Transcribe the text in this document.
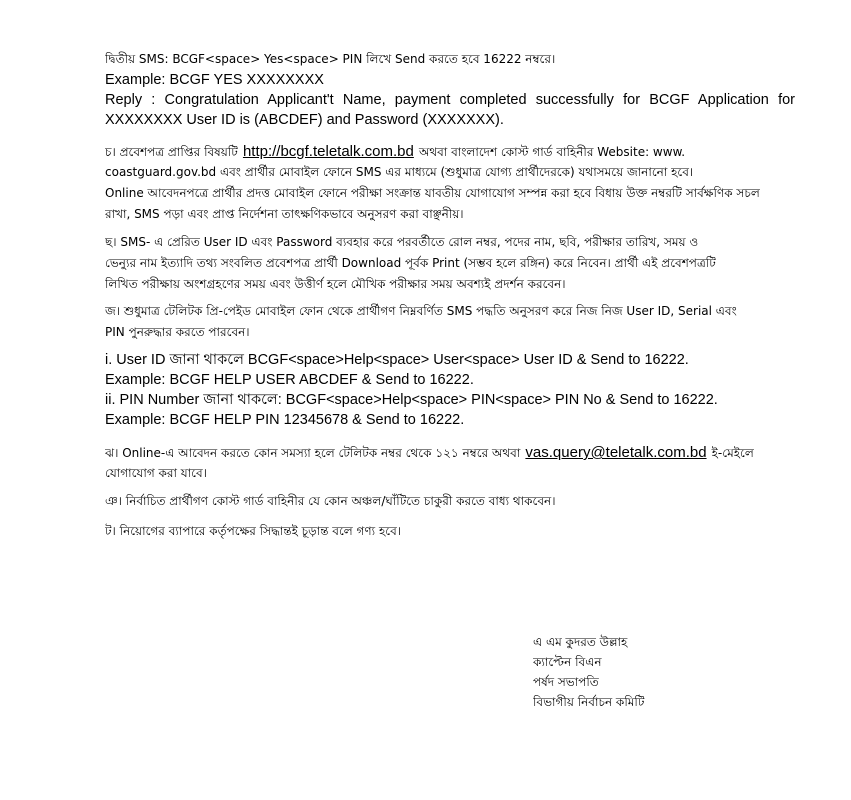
দ্বিতীয় SMS: BCGF<space> Yes<space> PIN লিখে Send করতে হবে 16222 নম্বরে।
Example: BCGF YES XXXXXXXX
Reply : Congratulation Applicant't Name, payment completed successfully for BCGF Application for
XXXXXXXX User ID is (ABCDEF) and Password (XXXXXXX).
চ। প্রবেশপত্র প্রাপ্তির বিষয়টি http://bcgf.teletalk.com.bd অথবা বাংলাদেশ কোস্ট গার্ড বাহিনীর Website: www.
coastguard.gov.bd এবং প্রার্থীর মোবাইল ফোনে SMS এর মাধ্যমে (শুধুমাত্র যোগ্য প্রার্থীদেরকে) যথাসময়ে জানানো হবে।
Online আবেদনপত্রে প্রার্থীর প্রদত্ত মোবাইল ফোনে পরীক্ষা সংক্রান্ত যাবতীয় যোগাযোগ সম্পন্ন করা হবে বিধায় উক্ত নম্বরটি সার্বক্ষণিক সচল
রাখা, SMS পড়া এবং প্রাপ্ত নির্দেশনা তাৎক্ষণিকভাবে অনুসরণ করা বাঞ্ছনীয়।
ছ। SMS- এ প্রেরিত User ID এবং Password ব্যবহার করে পরবর্তীতে রোল নম্বর, পদের নাম, ছবি, পরীক্ষার তারিখ, সময় ও
ভেন্যুর নাম ইত্যাদি তথ্য সংবলিত প্রবেশপত্র প্রার্থী Download পূর্বক Print (সম্ভব হলে রঙ্গিন) করে নিবেন। প্রার্থী এই প্রবেশপত্রটি
লিখিত পরীক্ষায় অংশগ্রহণের সময় এবং উত্তীর্ণ হলে মৌখিক পরীক্ষার সময় অবশ্যই প্রদর্শন করবেন।
জ। শুধুমাত্র টেলিটক প্রি-পেইড মোবাইল ফোন থেকে প্রার্থীগণ নিম্নবর্ণিত SMS পদ্ধতি অনুসরণ করে নিজ নিজ User ID, Serial এবং
PIN পুনরুদ্ধার করতে পারবেন।
i. User ID জানা থাকলে BCGF<space>Help<space> User<space> User ID & Send to 16222.
Example: BCGF HELP USER ABCDEF & Send to 16222.
ii. PIN Number জানা থাকলে: BCGF<space>Help<space> PIN<space> PIN No & Send to 16222.
Example: BCGF HELP PIN 12345678 & Send to 16222.
ঝ। Online-এ আবেদন করতে কোন সমস্যা হলে টেলিটক নম্বর থেকে ১২১ নম্বরে অথবা vas.query@teletalk.com.bd ই-মেইলে
যোগাযোগ করা যাবে।
ঞ। নির্বাচিত প্রার্থীগণ কোস্ট গার্ড বাহিনীর যে কোন অঞ্চল/ঘাঁটিতে চাকুরী করতে বাধ্য থাকবেন।
ট। নিয়োগের ব্যাপারে কর্তৃপক্ষের সিদ্ধান্তই চূড়ান্ত বলে গণ্য হবে।
এ এম কুদরত উল্লাহ
ক্যাপ্টেন বিএন
পর্ষদ সভাপতি
বিভাগীয় নির্বাচন কমিটি
